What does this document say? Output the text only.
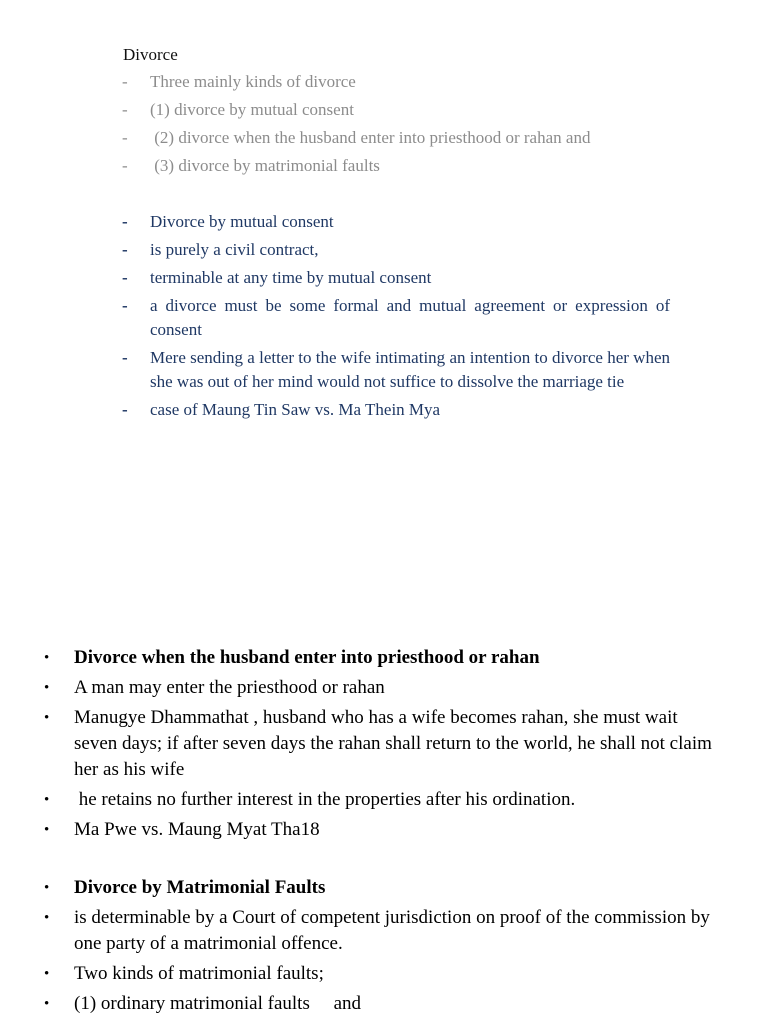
Divorce
- Three mainly kinds of divorce
- (1) divorce by mutual consent
- (2) divorce when the husband enter into priesthood or rahan and
- (3) divorce by matrimonial faults
- Divorce by mutual consent
- is purely a civil contract,
- terminable at any time by mutual consent
- a divorce must be some formal and mutual agreement or expression of consent
- Mere sending a letter to the wife intimating an intention to divorce her when she was out of her mind would not suffice to dissolve the marriage tie
- case of Maung Tin Saw vs. Ma Thein Mya
• Divorce when the husband enter into priesthood or rahan
• A man may enter the priesthood or rahan
• Manugye Dhammathat , husband who has a wife becomes rahan, she must wait seven days; if after seven days the rahan shall return to the world, he shall not claim her as his wife
• he retains no further interest in the properties after his ordination.
• Ma Pwe vs. Maung Myat Tha18
• Divorce by Matrimonial Faults
• is determinable by a Court of competent jurisdiction on proof of the commission by one party of a matrimonial offence.
• Two kinds of matrimonial faults;
• (1) ordinary matrimonial faults     and
